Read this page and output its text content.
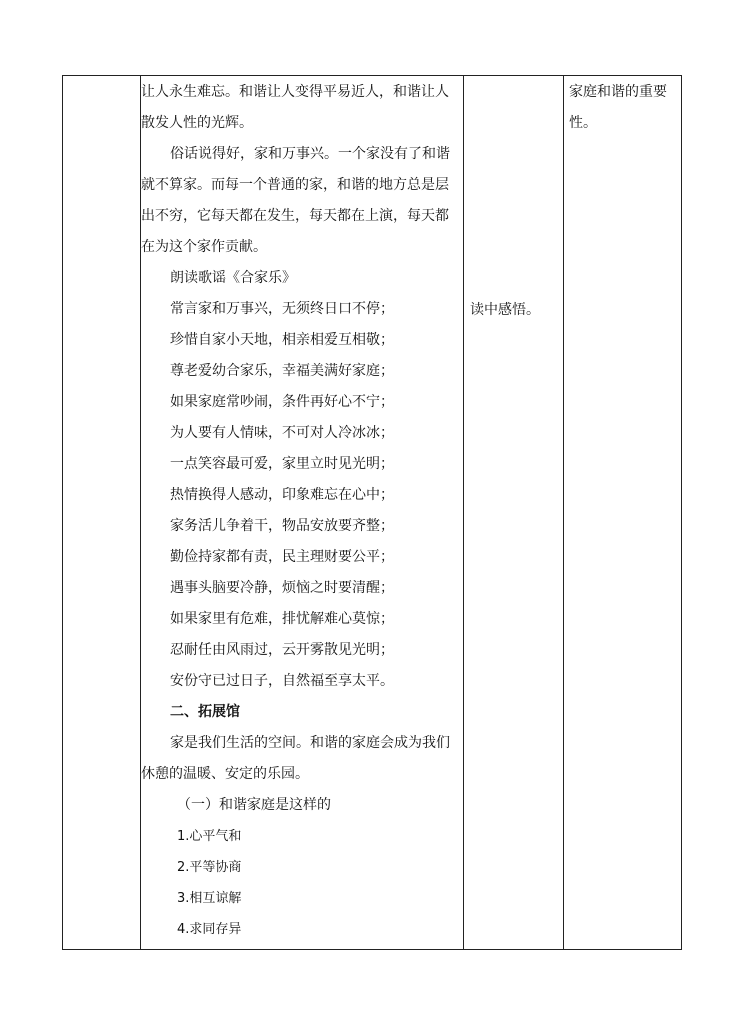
让人永生难忘。和谐让人变得平易近人，和谐让人
散发人性的光辉。
俗话说得好，家和万事兴。一个家没有了和谐
就不算家。而每一个普通的家，和谐的地方总是层
出不穷，它每天都在发生，每天都在上演，每天都
在为这个家作贡献。
朗读歌谣《合家乐》
常言家和万事兴，无须终日口不停；
珍惜自家小天地，相亲相爱互相敬；
尊老爱幼合家乐，幸福美满好家庭；
如果家庭常吵闹，条件再好心不宁；
为人要有人情味，不可对人冷冰冰；
一点笑容最可爱，家里立时见光明；
热情换得人感动，印象难忘在心中；
家务活儿争着干，物品安放要齐整；
勤俭持家都有责，民主理财要公平；
遇事头脑要冷静，烦恼之时要清醒；
如果家里有危难，排忧解难心莫惊；
忍耐任由风雨过，云开雾散见光明；
安份守已过日子，自然福至享太平。
二、拓展馆
家是我们生活的空间。和谐的家庭会成为我们
休憩的温暖、安定的乐园。
（一）和谐家庭是这样的
1.心平气和
2.平等协商
3.相互谅解
4.求同存异
读中感悟。
家庭和谐的重要
性。
